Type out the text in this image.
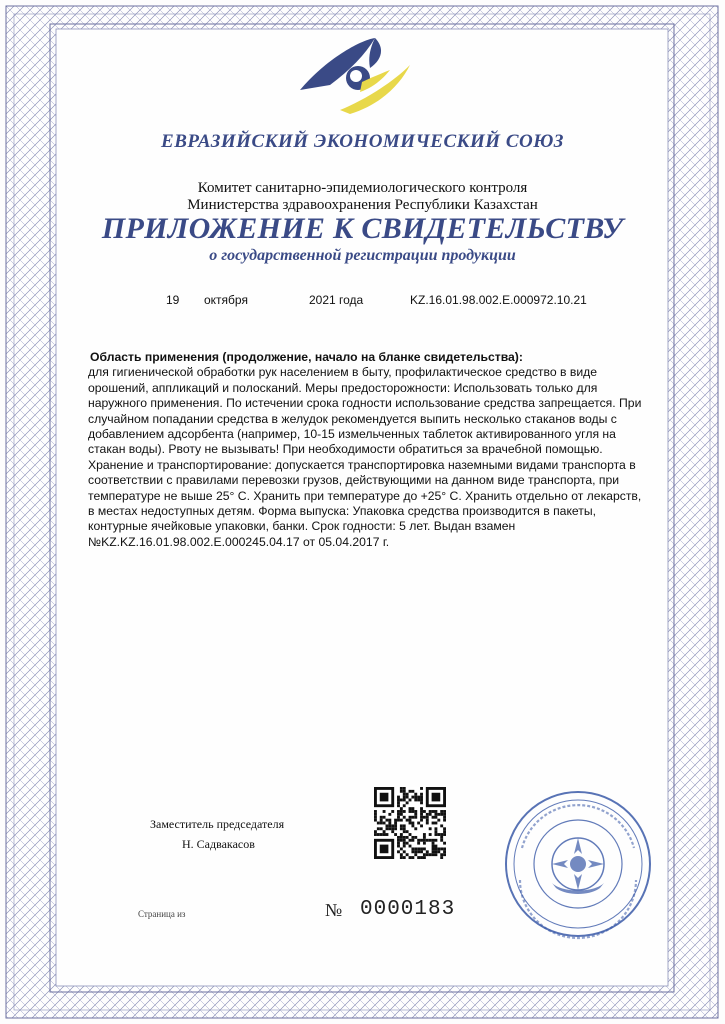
ЕВРАЗИЙСКИЙ ЭКОНОМИЧЕСКИЙ СОЮЗ
Комитет санитарно-эпидемиологического контроля
Министерства здравоохранения Республики Казахстан
ПРИЛОЖЕНИЕ К СВИДЕТЕЛЬСТВУ
о государственной регистрации продукции
19 октября	2021 года	KZ.16.01.98.002.E.000972.10.21
Область применения (продолжение, начало на бланке свидетельства):
для гигиенической обработки рук населением в быту, профилактическое средство в виде
орошений, аппликаций и полосканий. Меры предосторожности: Использовать только для
наружного применения. По истечении срока годности использование средства запрещается. При
случайном попадании средства в желудок рекомендуется выпить несколько стаканов воды с
добавлением адсорбента (например, 10-15 измельченных таблеток активированного угля на
стакан воды). Рвоту не вызывать! При необходимости обратиться за врачебной помощью.
Хранение и транспортирование: допускается транспортировка наземными видами транспорта в
соответствии с правилами перевозки грузов, действующими на данном виде транспорта, при
температуре не выше 25° С. Хранить при температуре до +25° С. Хранить отдельно от лекарств,
в местах недоступных детям. Форма выпуска: Упаковка средства производится в пакеты,
контурные ячейковые упаковки, банки. Срок годности: 5 лет. Выдан взамен
№KZ.KZ.16.01.98.002.E.000245.04.17 от 05.04.2017 г.
Заместитель председателя
Н. Садвакасов
Страница из	№ 0000183
